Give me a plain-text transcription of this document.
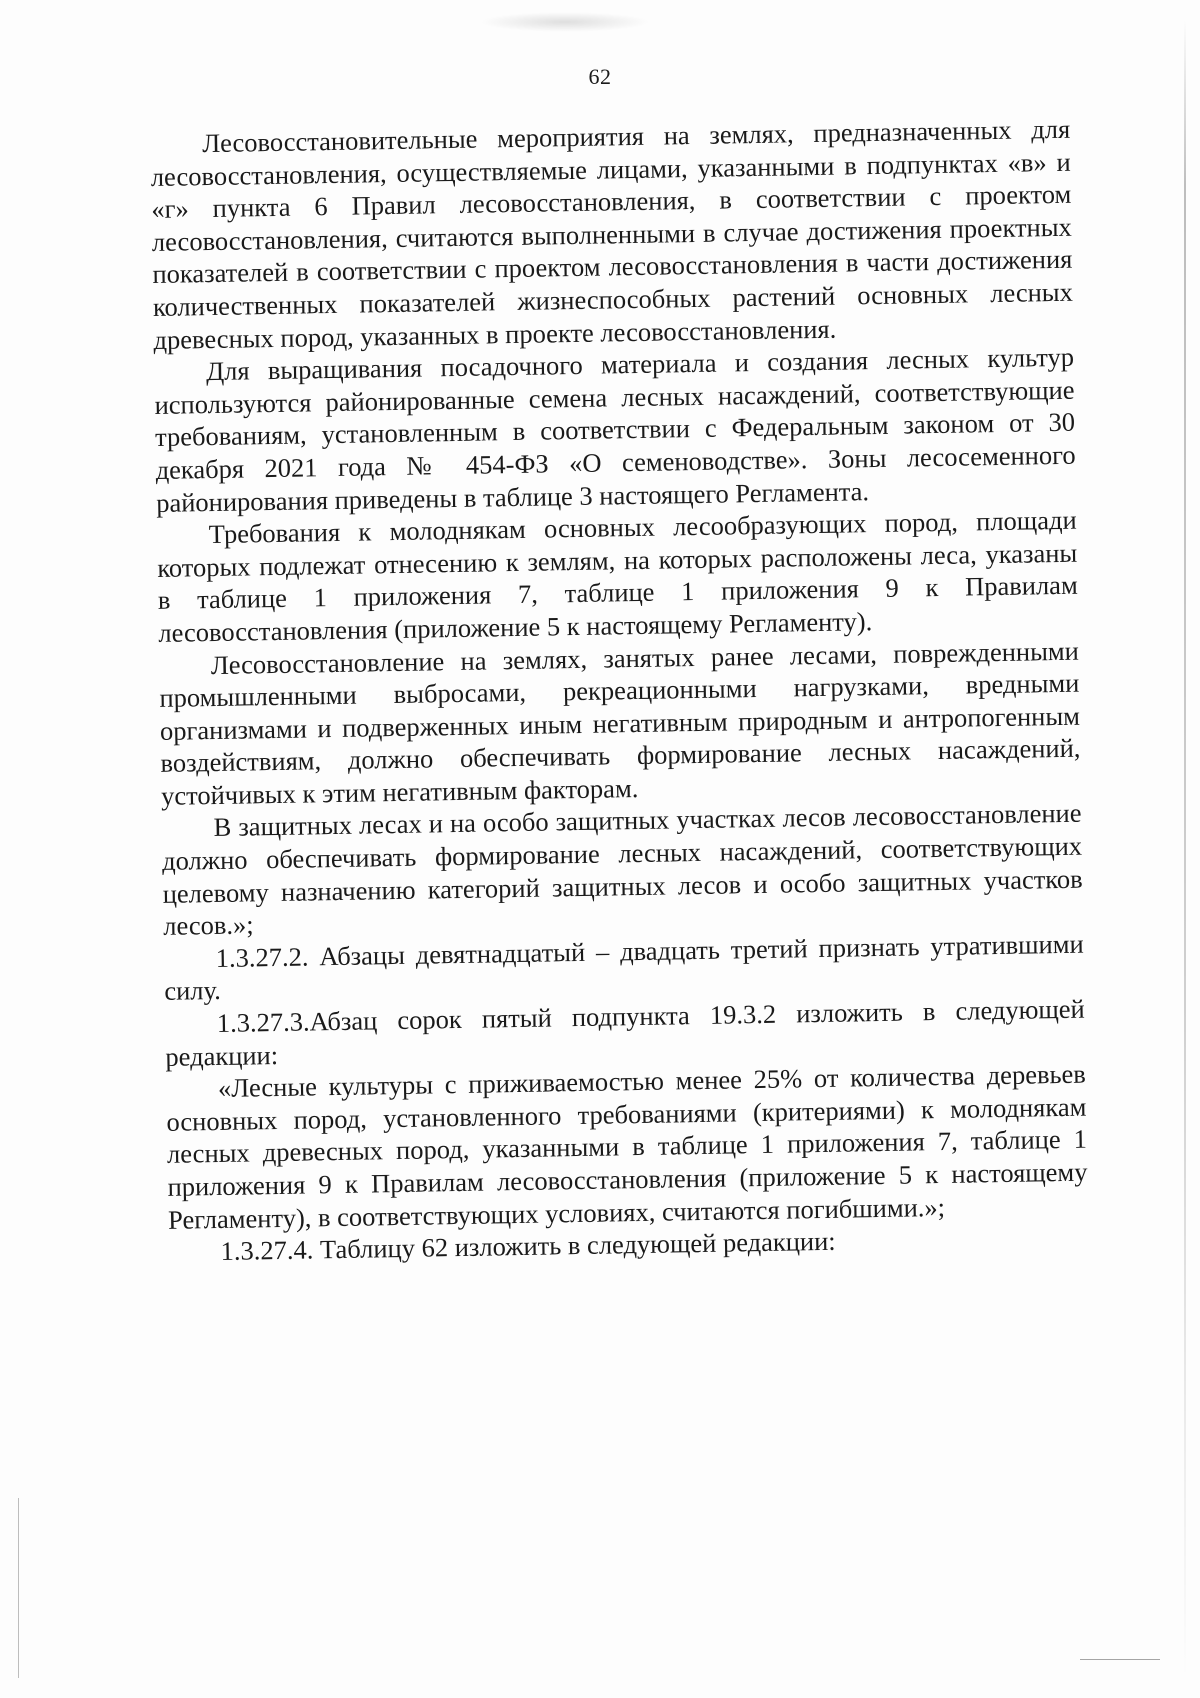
62

Лесовосстановительные мероприятия на землях, предназначенных для лесовосстановления, осуществляемые лицами, указанными в подпунктах «в» и «г» пункта 6 Правил лесовосстановления, в соответствии с проектом лесовосстановления, считаются выполненными в случае достижения проектных показателей в соответствии с проектом лесовосстановления в части достижения количественных показателей жизнеспособных растений основных лесных древесных пород, указанных в проекте лесовосстановления.

Для выращивания посадочного материала и создания лесных культур используются районированные семена лесных насаждений, соответствующие требованиям, установленным в соответствии с Федеральным законом от 30 декабря 2021 года № 454-ФЗ «О семеноводстве». Зоны лесосеменного районирования приведены в таблице 3 настоящего Регламента.

Требования к молоднякам основных лесообразующих пород, площади которых подлежат отнесению к землям, на которых расположены леса, указаны в таблице 1 приложения 7, таблице 1 приложения 9 к Правилам лесовосстановления (приложение 5 к настоящему Регламенту).

Лесовосстановление на землях, занятых ранее лесами, поврежденными промышленными выбросами, рекреационными нагрузками, вредными организмами и подверженных иным негативным природным и антропогенным воздействиям, должно обеспечивать формирование лесных насаждений, устойчивых к этим негативным факторам.

В защитных лесах и на особо защитных участках лесов лесовосстановление должно обеспечивать формирование лесных насаждений, соответствующих целевому назначению категорий защитных лесов и особо защитных участков лесов.»;

1.3.27.2. Абзацы девятнадцатый – двадцать третий признать утратившими силу.

1.3.27.3.Абзац сорок пятый подпункта 19.3.2 изложить в следующей редакции:

«Лесные культуры с приживаемостью менее 25% от количества деревьев основных пород, установленного требованиями (критериями) к молоднякам лесных древесных пород, указанными в таблице 1 приложения 7, таблице 1 приложения 9 к Правилам лесовосстановления (приложение 5 к настоящему Регламенту), в соответствующих условиях, считаются погибшими.»;

1.3.27.4. Таблицу 62 изложить в следующей редакции:
